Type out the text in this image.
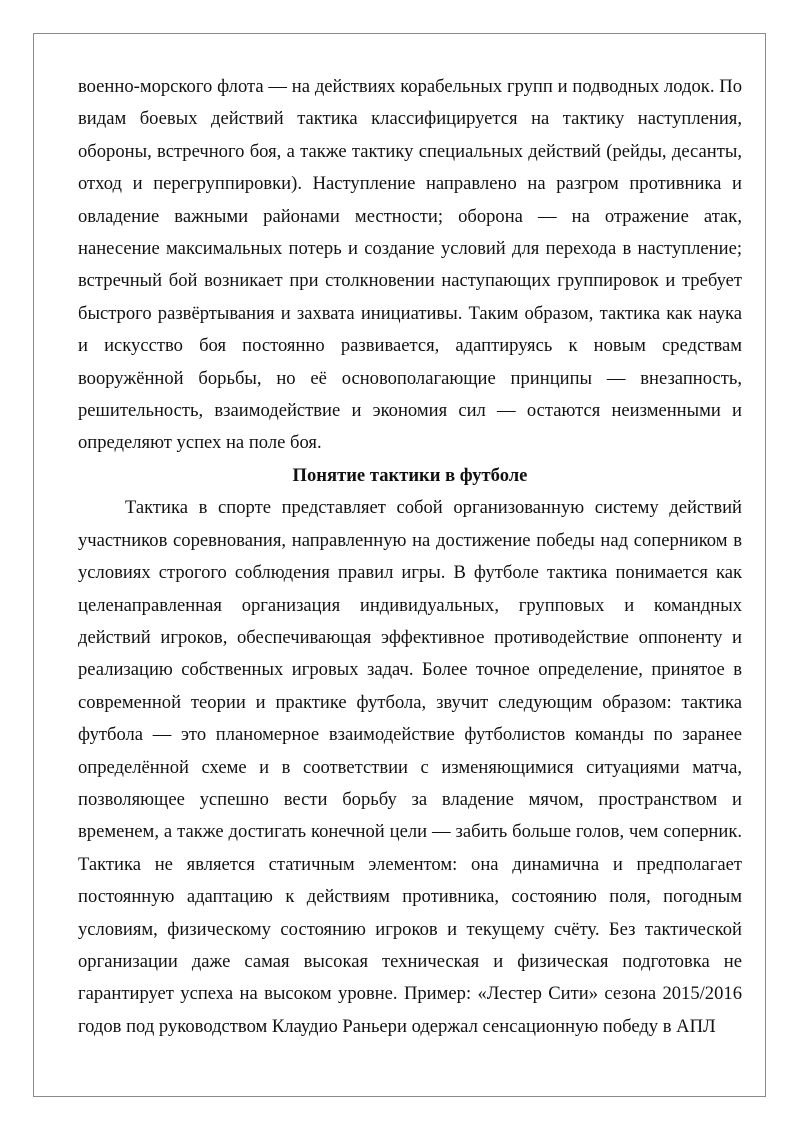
военно-морского флота — на действиях корабельных групп и подводных лодок. По видам боевых действий тактика классифицируется на тактику наступления, обороны, встречного боя, а также тактику специальных действий (рейды, десанты, отход и перегруппировки). Наступление направлено на разгром противника и овладение важными районами местности; оборона — на отражение атак, нанесение максимальных потерь и создание условий для перехода в наступление; встречный бой возникает при столкновении наступающих группировок и требует быстрого развёртывания и захвата инициативы. Таким образом, тактика как наука и искусство боя постоянно развивается, адаптируясь к новым средствам вооружённой борьбы, но её основополагающие принципы — внезапность, решительность, взаимодействие и экономия сил — остаются неизменными и определяют успех на поле боя.

Понятие тактики в футболе

Тактика в спорте представляет собой организованную систему действий участников соревнования, направленную на достижение победы над соперником в условиях строгого соблюдения правил игры. В футболе тактика понимается как целенаправленная организация индивидуальных, групповых и командных действий игроков, обеспечивающая эффективное противодействие оппоненту и реализацию собственных игровых задач. Более точное определение, принятое в современной теории и практике футбола, звучит следующим образом: тактика футбола — это планомерное взаимодействие футболистов команды по заранее определённой схеме и в соответствии с изменяющимися ситуациями матча, позволяющее успешно вести борьбу за владение мячом, пространством и временем, а также достигать конечной цели — забить больше голов, чем соперник. Тактика не является статичным элементом: она динамична и предполагает постоянную адаптацию к действиям противника, состоянию поля, погодным условиям, физическому состоянию игроков и текущему счёту. Без тактической организации даже самая высокая техническая и физическая подготовка не гарантирует успеха на высоком уровне. Пример: «Лестер Сити» сезона 2015/2016 годов под руководством Клаудио Раньери одержал сенсационную победу в АПЛ
